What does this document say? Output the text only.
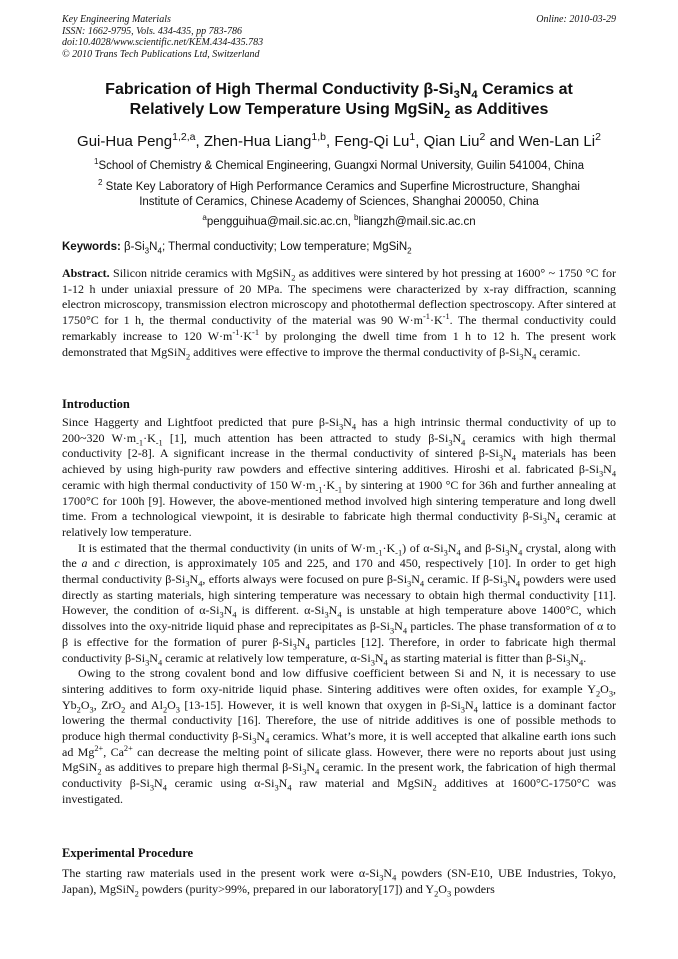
Key Engineering Materials
ISSN: 1662-9795, Vols. 434-435, pp 783-786
doi:10.4028/www.scientific.net/KEM.434-435.783
© 2010 Trans Tech Publications Ltd, Switzerland
Online: 2010-03-29
Fabrication of High Thermal Conductivity $\beta-Si_3N_4$ Ceramics at
Relatively Low Temperature Using MgSiN$_2$ as Additives
Gui-Hua Peng$^{1,2,a}$, Zhen-Hua Liang$^{1,b}$, Feng-Qi Lu$^1$, Qian Liu$^2$ and Wen-Lan Li$^2$
$^1$School of Chemistry & Chemical Engineering, Guangxi Normal University, Guilin 541004, China
$^2$ State Key Laboratory of High Performance Ceramics and Superfine Microstructure, Shanghai
Institute of Ceramics, Chinese Academy of Sciences, Shanghai 200050, China
$^a$pengguihua@mail.sic.ac.cn, $^b$liangzh@mail.sic.ac.cn
Keywords: $\beta-Si_3N_4$; Thermal conductivity; Low temperature; MgSiN$_2$
Abstract. Silicon nitride ceramics with MgSiN$_2$ as additives were sintered by hot pressing at 1600° ~ 1750 °C for 1-12 h under uniaxial pressure of 20 MPa. The specimens were characterized by x-ray diffraction, scanning electron microscopy, transmission electron microscopy and photothermal deflection spectroscopy. After sintered at 1750°C for 1 h, the thermal conductivity of the material was 90 $W\cdot m^{-1}\cdot K^{-1}$. The thermal conductivity could remarkably increase to 120 $W\cdot m^{-1}\cdot K^{-1}$ by prolonging the dwell time from 1 h to 12 h. The present work demonstrated that MgSiN$_2$ additives were effective to improve the thermal conductivity of $\beta-Si_3N_4$ ceramic.
Introduction

Since Haggerty and Lightfoot predicted that pure $\beta-Si_3N_4$ has a high intrinsic thermal conductivity of up to 200~320 $W\cdot m_{-1}\cdot K_{-1}$ [1], much attention has been attracted to study $\beta-Si_3N_4$ ceramics with high thermal conductivity [2-8]. A significant increase in the thermal conductivity of sintered $\beta-Si_3N_4$ materials has been achieved by using high-purity raw powders and effective sintering additives. Hiroshi et al. fabricated $\beta-Si_3N_4$ ceramic with high thermal conductivity of 150 $W\cdot m_{-1}\cdot K_{-1}$ by sintering at 1900 °C for 36h and further annealing at 1700°C for 100h [9]. However, the above-mentioned method involved high sintering temperature and long dwell time. From a technological viewpoint, it is desirable to fabricate high thermal conductivity $\beta-Si_3N_4$ ceramic at relatively low temperature.

It is estimated that the thermal conductivity (in units of $W\cdot m_{-1}\cdot K_{-1}$) of $\alpha-Si_3N_4$ and $\beta-Si_3N_4$ crystal, along with the a and c direction, is approximately 105 and 225, and 170 and 450, respectively [10]. In order to get high thermal conductivity $\beta-Si_3N_4$, efforts always were focused on pure $\beta-Si_3N_4$ ceramic. If $\beta-Si_3N_4$ powders were used directly as starting materials, high sintering temperature was necessary to obtain high thermal conductivity [11]. However, the condition of $\alpha-Si_3N_4$ is different. $\alpha-Si_3N_4$ is unstable at high temperature above 1400°C, which dissolves into the oxy-nitride liquid phase and reprecipitates as $\beta-Si_3N_4$ particles. The phase transformation of α to β is effective for the formation of purer $\beta-Si_3N_4$ particles [12]. Therefore, in order to fabricate high thermal conductivity $\beta-Si_3N_4$ ceramic at relatively low temperature, $\alpha-Si_3N_4$ as starting material is fitter than $\beta-Si_3N_4$.

Owing to the strong covalent bond and low diffusive coefficient between Si and N, it is necessary to use sintering additives to form oxy-nitride liquid phase. Sintering additives were often oxides, for example $Y_2O_3$, $Yb_2O_3$, ZrO$_2$ and $Al_2O_3$ [13-15]. However, it is well known that oxygen in $\beta-Si_3N_4$ lattice is a dominant factor lowering the thermal conductivity [16]. Therefore, the use of nitride additives is one of possible methods to produce high thermal conductivity $\beta-Si_3N_4$ ceramics. What’s more, it is well accepted that alkaline earth ions such ad $Mg^{2+}$, $Ca^{2+}$ can decrease the melting point of silicate glass. However, there were no reports about just using MgSiN$_2$ as additives to prepare high thermal $\beta-Si_3N_4$ ceramic. In the present work, the fabrication of high thermal conductivity $\beta-Si_3N_4$ ceramic using $\alpha-Si_3N_4$ raw material and MgSiN$_2$ additives at 1600°C-1750°C was investigated.

Experimental Procedure

The starting raw materials used in the present work were $\alpha-Si_3N_4$ powders (SN-E10, UBE Industries, Tokyo, Japan), MgSiN$_2$ powders (purity>99%, prepared in our laboratory[17]) and $Y_2O_3$ powders
